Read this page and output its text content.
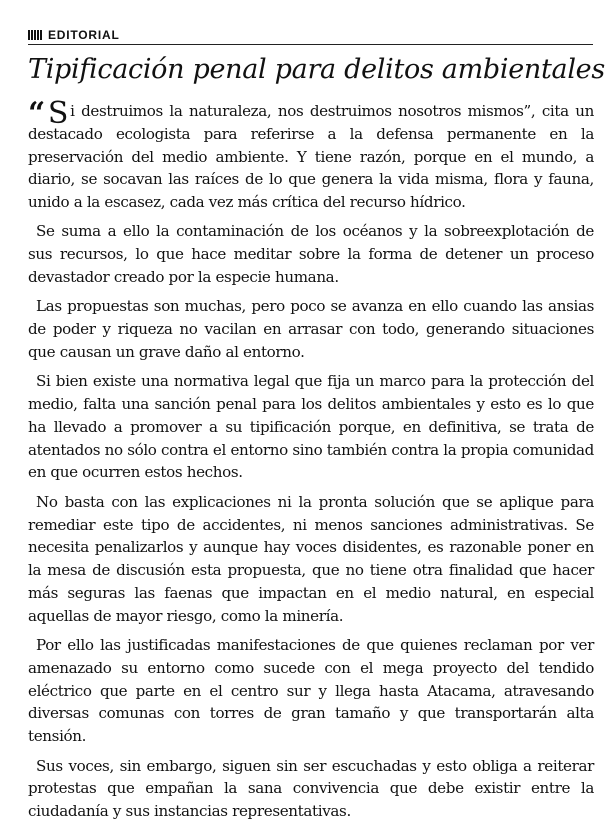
EDITORIAL
Tipificación penal para delitos ambientales

“ S i destruimos la naturaleza, nos destruimos nosotros mismos”, cita un destacado ecologista para referirse a la defensa permanente en la preservación del medio ambiente. Y tiene razón, porque en el mundo, a diario, se socavan las raíces de lo que genera la vida misma, flora y fauna, unido a la escasez, cada vez más crítica del recurso hídrico.

Se suma a ello la contaminación de los océanos y la sobreexplotación de sus recursos, lo que hace meditar sobre la forma de detener un proceso devastador creado por la especie humana.

Las propuestas son muchas, pero poco se avanza en ello cuando las ansias de poder y riqueza no vacilan en arrasar con todo, generando situaciones que causan un grave daño al entorno.

Si bien existe una normativa legal que fija un marco para la protección del medio, falta una sanción penal para los delitos ambientales y esto es lo que ha llevado a promover a su tipificación porque, en definitiva, se trata de atentados no sólo contra el entorno sino también contra la propia comunidad en que ocurren estos hechos.

No basta con las explicaciones ni la pronta solución que se aplique para remediar este tipo de accidentes, ni menos sanciones administrativas. Se necesita penalizarlos y aunque hay voces disidentes, es razonable poner en la mesa de discusión esta propuesta, que no tiene otra finalidad que hacer más seguras las faenas que impactan en el medio natural, en especial aquellas de mayor riesgo, como la minería.

Por ello las justificadas manifestaciones de que quienes reclaman por ver amenazado su entorno como sucede con el mega proyecto del tendido eléctrico que parte en el centro sur y llega hasta Atacama, atravesando diversas comunas con torres de gran tamaño y que transportarán alta tensión.

Sus voces, sin embargo, siguen sin ser escuchadas y esto obliga a reiterar protestas que empañan la sana convivencia que debe existir entre la ciudadanía y sus instancias representativas.
